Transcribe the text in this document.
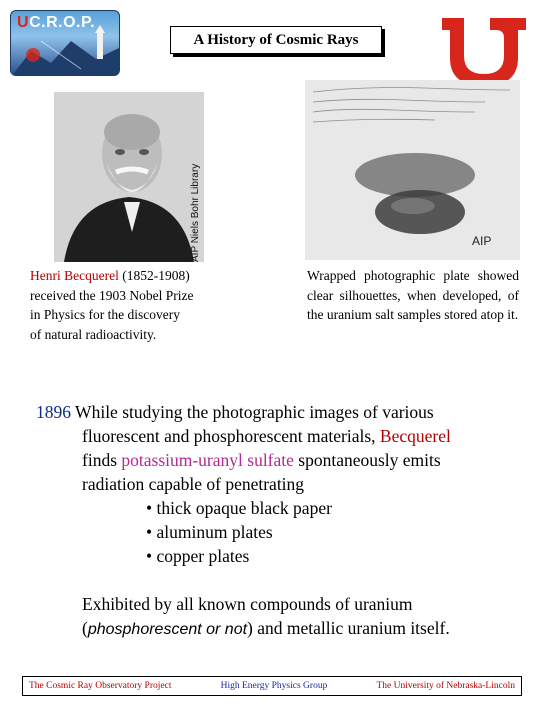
UC.R.O.P.
A History of Cosmic Rays
AIP Niels Bohr Library	AIP
Henri Becquerel (1852-1908)
received the 1903 Nobel Prize
in Physics for the discovery
of natural radioactivity.
Wrapped photographic plate showed clear silhouettes, when developed, of the uranium salt samples stored atop it.
1896 While studying the photographic images of various
fluorescent and phosphorescent materials, Becquerel
finds potassium-uranyl sulfate spontaneously emits
radiation capable of penetrating
• thick opaque black paper
• aluminum plates
• copper plates
Exhibited by all known compounds of uranium
(phosphorescent or not) and metallic uranium itself.
The Cosmic Ray Observatory Project	High Energy Physics Group	The University of Nebraska-Lincoln
